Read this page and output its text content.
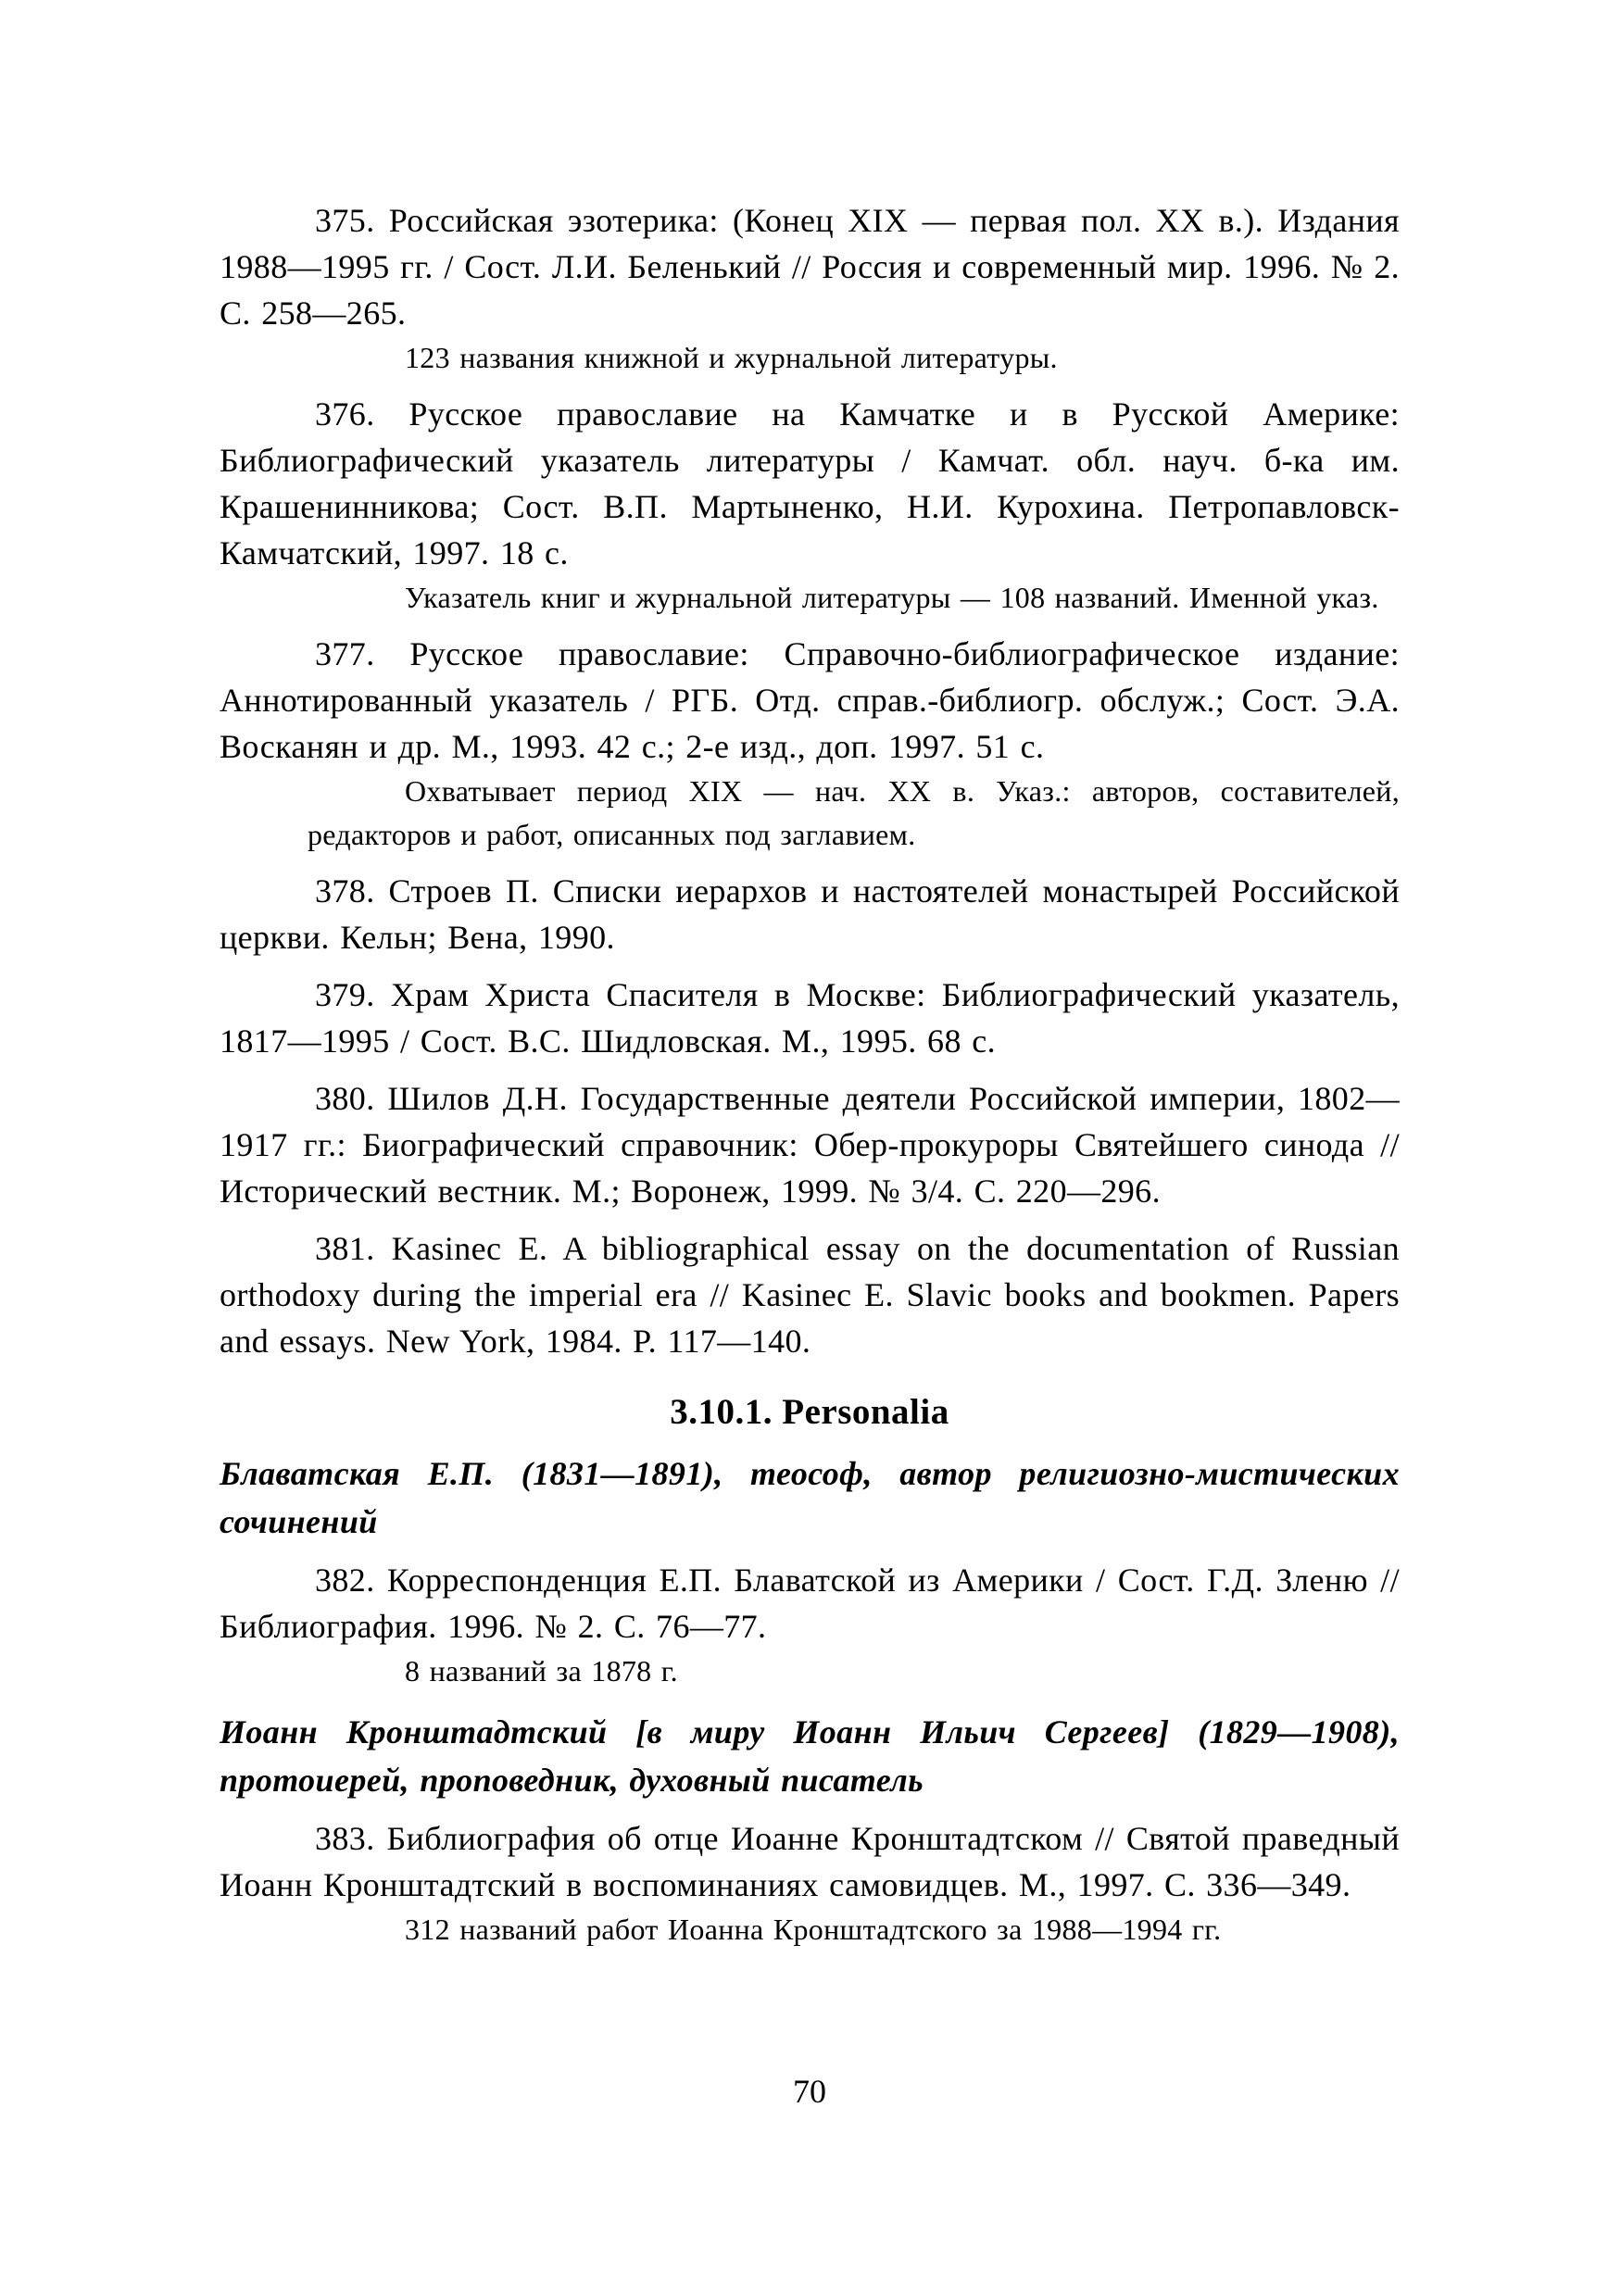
375. Российская эзотерика: (Конец XIX — первая пол. XX в.). Издания 1988—1995 гг. / Сост. Л.И. Беленький // Россия и современный мир. 1996. № 2. С. 258—265.

123 названия книжной и журнальной литературы.

376. Русское православие на Камчатке и в Русской Америке: Библиографический указатель литературы / Камчат. обл. науч. б-ка им. Крашенинникова; Сост. В.П. Мартыненко, Н.И. Курохина. Петропавловск-Камчатский, 1997. 18 с.

Указатель книг и журнальной литературы — 108 названий. Именной указ.

377. Русское православие: Справочно-библиографическое издание: Аннотированный указатель / РГБ. Отд. справ.-библиогр. обслуж.; Сост. Э.А. Восканян и др. М., 1993. 42 с.; 2-е изд., доп. 1997. 51 с.

Охватывает период XIX — нач. XX в. Указ.: авторов, составителей, редакторов и работ, описанных под заглавием.

378. Строев П. Списки иерархов и настоятелей монастырей Российской церкви. Кельн; Вена, 1990.

379. Храм Христа Спасителя в Москве: Библиографический указатель, 1817—1995 / Сост. В.С. Шидловская. М., 1995. 68 с.

380. Шилов Д.Н. Государственные деятели Российской империи, 1802—1917 гг.: Биографический справочник: Обер-прокуроры Святейшего синода // Исторический вестник. М.; Воронеж, 1999. № 3/4. С. 220—296.

381. Kasinec E. A bibliographical essay on the documentation of Russian orthodoxy during the imperial era // Kasinec E. Slavic books and bookmen. Papers and essays. New York, 1984. P. 117—140.

3.10.1. Personalia

Блаватская Е.П. (1831—1891), теософ, автор религиозно-мистических сочинений

382. Корреспонденция Е.П. Блаватской из Америки / Сост. Г.Д. Зленю // Библиография. 1996. № 2. С. 76—77.

8 названий за 1878 г.

Иоанн Кронштадтский [в миру Иоанн Ильич Сергеев] (1829—1908), протоиерей, проповедник, духовный писатель

383. Библиография об отце Иоанне Кронштадтском // Святой праведный Иоанн Кронштадтский в воспоминаниях самовидцев. М., 1997. С. 336—349.

312 названий работ Иоанна Кронштадтского за 1988—1994 гг.

70
